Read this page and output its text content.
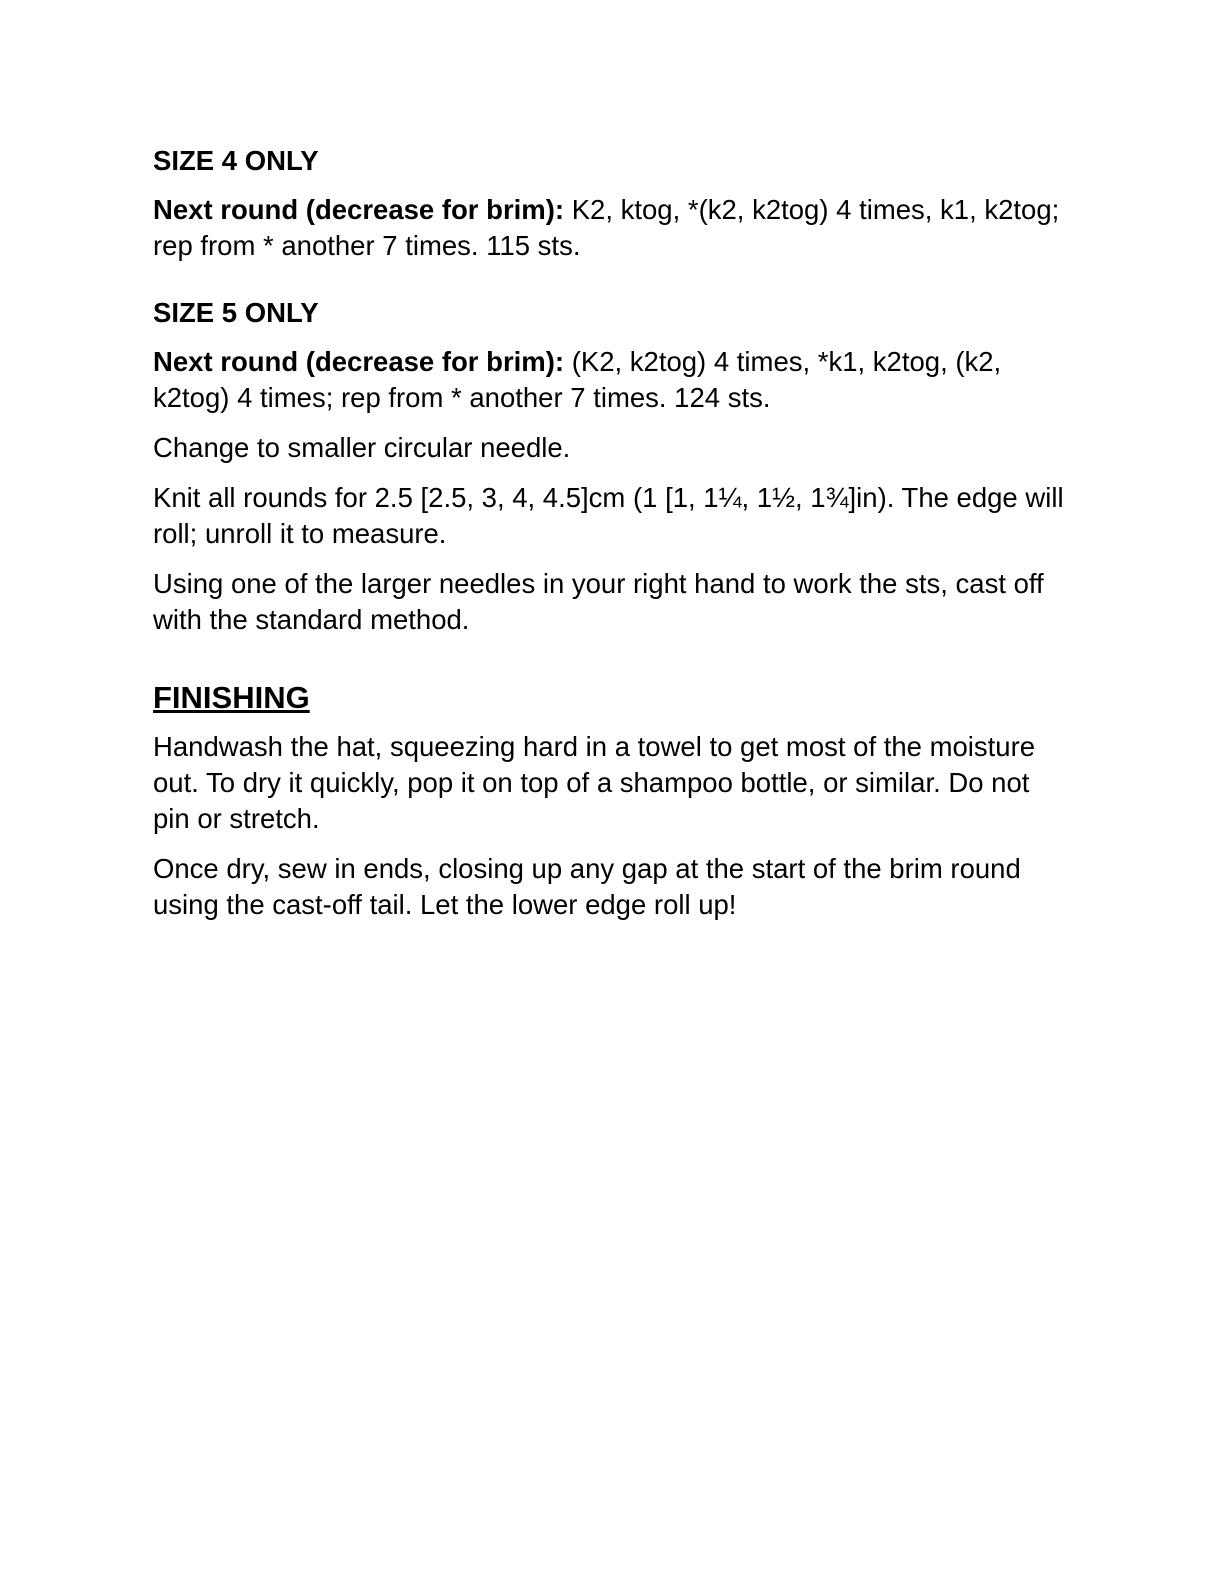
SIZE 4 ONLY

Next round (decrease for brim): K2, ktog, *(k2, k2tog) 4 times, k1, k2tog; rep from * another 7 times. 115 sts.

SIZE 5 ONLY

Next round (decrease for brim): (K2, k2tog) 4 times, *k1, k2tog, (k2, k2tog) 4 times; rep from * another 7 times. 124 sts.

Change to smaller circular needle.

Knit all rounds for 2.5 [2.5, 3, 4, 4.5]cm (1 [1, 1¼, 1½, 1¾]in). The edge will roll; unroll it to measure.

Using one of the larger needles in your right hand to work the sts, cast off with the standard method.

FINISHING

Handwash the hat, squeezing hard in a towel to get most of the moisture out. To dry it quickly, pop it on top of a shampoo bottle, or similar. Do not pin or stretch.

Once dry, sew in ends, closing up any gap at the start of the brim round using the cast-off tail. Let the lower edge roll up!
